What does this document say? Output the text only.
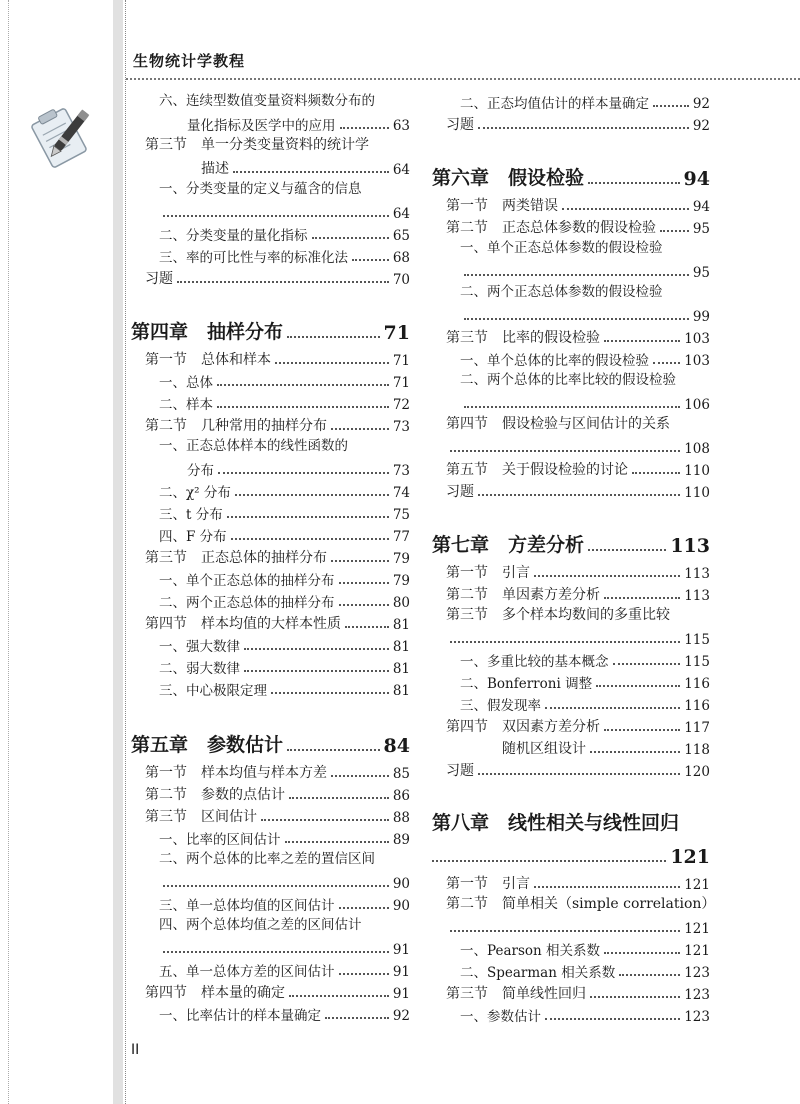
生物统计学教程
六、连续型数值变量资料频数分布的
量化指标及医学中的应用	63
第三节　单一分类变量资料的统计学
描述	64
一、分类变量的定义与蕴含的信息
64
二、分类变量的量化指标	65
三、率的可比性与率的标准化法	68
习题	70
第四章　抽样分布	71
第一节　总体和样本	71
一、总体	71
二、样本	72
第二节　几种常用的抽样分布	73
一、正态总体样本的线性函数的
分布	73
二、χ² 分布	74
三、t 分布	75
四、F 分布	77
第三节　正态总体的抽样分布	79
一、单个正态总体的抽样分布	79
二、两个正态总体的抽样分布	80
第四节　样本均值的大样本性质	81
一、强大数律	81
二、弱大数律	81
三、中心极限定理	81
第五章　参数估计	84
第一节　样本均值与样本方差	85
第二节　参数的点估计	86
第三节　区间估计	88
一、比率的区间估计	89
二、两个总体的比率之差的置信区间
90
三、单一总体均值的区间估计	90
四、两个总体均值之差的区间估计
91
五、单一总体方差的区间估计	91
第四节　样本量的确定	91
一、比率估计的样本量确定	92
二、正态均值估计的样本量确定	92
习题	92
第六章　假设检验	94
第一节　两类错误	94
第二节　正态总体参数的假设检验	95
一、单个正态总体参数的假设检验
95
二、两个正态总体参数的假设检验
99
第三节　比率的假设检验	103
一、单个总体的比率的假设检验	103
二、两个总体的比率比较的假设检验
106
第四节　假设检验与区间估计的关系
108
第五节　关于假设检验的讨论	110
习题	110
第七章　方差分析	113
第一节　引言	113
第二节　单因素方差分析	113
第三节　多个样本均数间的多重比较
115
一、多重比较的基本概念	115
二、Bonferroni 调整	116
三、假发现率	116
第四节　双因素方差分析	117
　　　　随机区组设计	118
习题	120
第八章　线性相关与线性回归
121
第一节　引言	121
第二节　简单相关（simple correlation）
121
一、Pearson 相关系数	121
二、Spearman 相关系数	123
第三节　简单线性回归	123
一、参数估计	123
II
